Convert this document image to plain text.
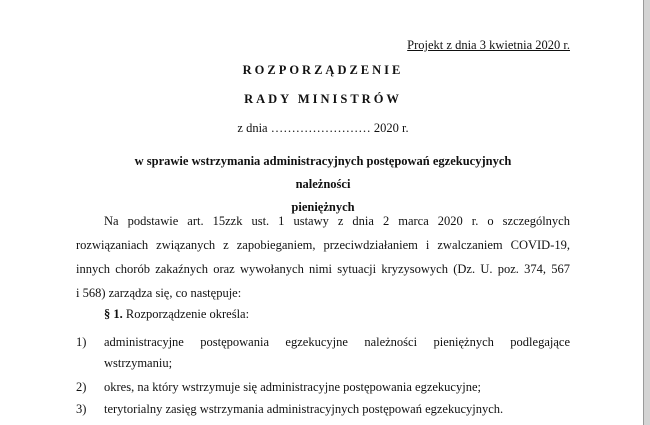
Projekt z dnia 3 kwietnia 2020 r.
ROZPORZĄDZENIE
RADY MINISTRÓW
z dnia …………………… 2020 r.
w sprawie wstrzymania administracyjnych postępowań egzekucyjnych należności
pieniężnych
Na podstawie art. 15zzk ust. 1 ustawy z dnia 2 marca 2020 r. o szczególnych
rozwiązaniach związanych z zapobieganiem, przeciwdziałaniem i zwalczaniem COVID-19,
innych chorób zakaźnych oraz wywołanych nimi sytuacji kryzysowych (Dz. U. poz. 374, 567
i 568) zarządza się, co następuje:
§ 1. Rozporządzenie określa:
1) administracyjne postępowania egzekucyjne należności pieniężnych podlegające
wstrzymaniu;
2) okres, na który wstrzymuje się administracyjne postępowania egzekucyjne;
3) terytorialny zasięg wstrzymania administracyjnych postępowań egzekucyjnych.
